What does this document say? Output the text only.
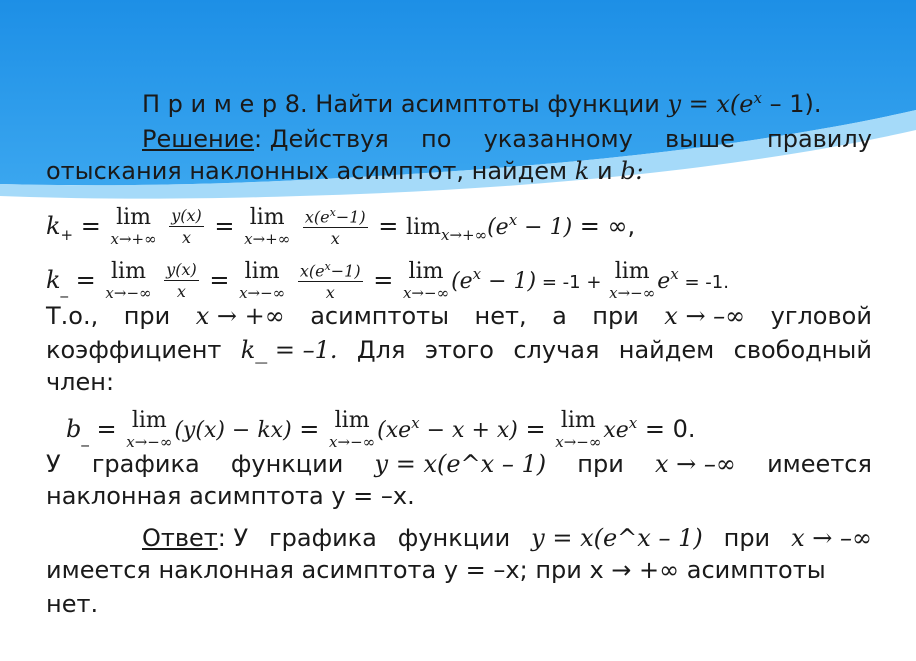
П р и м е р 8. Найти асимптоты функции $y = x(e^x - 1)$.
Решение: Действуя по указанному выше правилу
отыскания наклонных асимптот, найдем k и b:
$k_+ = \lim$
x→+∞
$\frac{y(x)}{x} = \lim$
x→+∞
$\frac{x(e^x-1)}{x} = \lim_{x\to+\infty}(e^x - 1)$ = ∞,
$k_{\_} = \lim$
x→−∞
$\frac{y(x)}{x} = \lim$
x→−∞
$\frac{x(e^x-1)}{x} = \lim$
x→−∞ $(e^x - 1) = -1 + \lim$
x→−∞ $e^x = -1$.
Т.о., при x → +∞ асимптоты нет, а при x → –∞ угловой
коэффициент k_ = –1. Для этого случая найдем свободный
член:
$b_{\_} = \lim$
x→−∞ (y(x) − kx) = lim
x→−∞ $(xe^x - x + x) = \lim$
x→−∞ $xe^x = 0$.
У графика функции y = x(e^x – 1) при x → –∞ имеется
наклонная асимптота y = –x.
Ответ: У графика функции y = x(e^x – 1) при x → –∞
имеется наклонная асимптота y = –x; при x → +∞ асимптоты
нет.
